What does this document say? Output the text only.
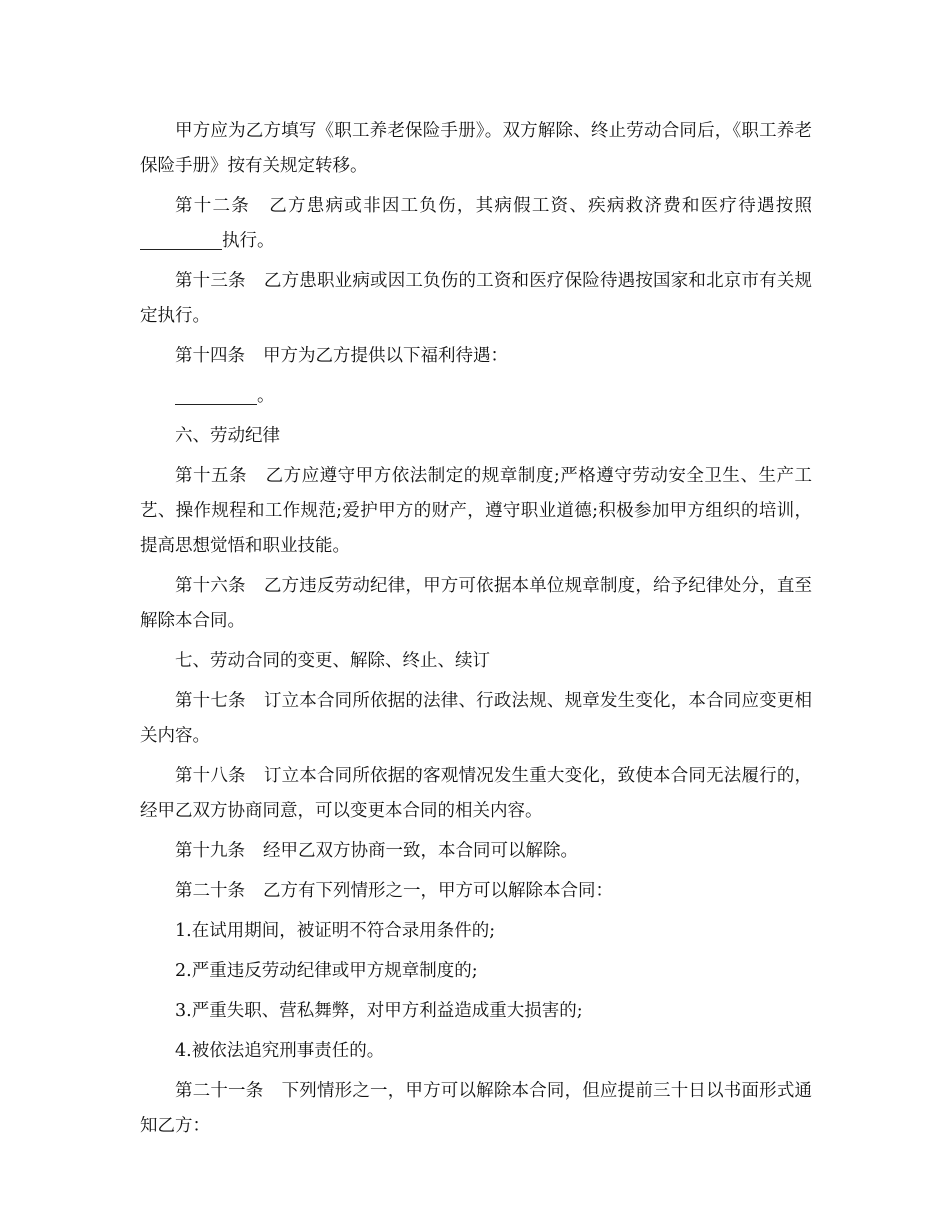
甲方应为乙方填写《职工养老保险手册》。双方解除、终止劳动合同后，《职工养老保险手册》按有关规定转移。

第十二条 乙方患病或非因工负伤，其病假工资、疾病救济费和医疗待遇按照执行。

第十三条 乙方患职业病或因工负伤的工资和医疗保险待遇按国家和北京市有关规定执行。

第十四条 甲方为乙方提供以下福利待遇：

。

六、劳动纪律

第十五条 乙方应遵守甲方依法制定的规章制度;严格遵守劳动安全卫生、生产工艺、操作规程和工作规范;爱护甲方的财产，遵守职业道德;积极参加甲方组织的培训，提高思想觉悟和职业技能。

第十六条 乙方违反劳动纪律，甲方可依据本单位规章制度，给予纪律处分，直至解除本合同。

七、劳动合同的变更、解除、终止、续订

第十七条 订立本合同所依据的法律、行政法规、规章发生变化，本合同应变更相关内容。

第十八条 订立本合同所依据的客观情况发生重大变化，致使本合同无法履行的，经甲乙双方协商同意，可以变更本合同的相关内容。

第十九条 经甲乙双方协商一致，本合同可以解除。

第二十条 乙方有下列情形之一，甲方可以解除本合同：

1.在试用期间，被证明不符合录用条件的;

2.严重违反劳动纪律或甲方规章制度的;

3.严重失职、营私舞弊，对甲方利益造成重大损害的;

4.被依法追究刑事责任的。

第二十一条 下列情形之一，甲方可以解除本合同，但应提前三十日以书面形式通知乙方：
